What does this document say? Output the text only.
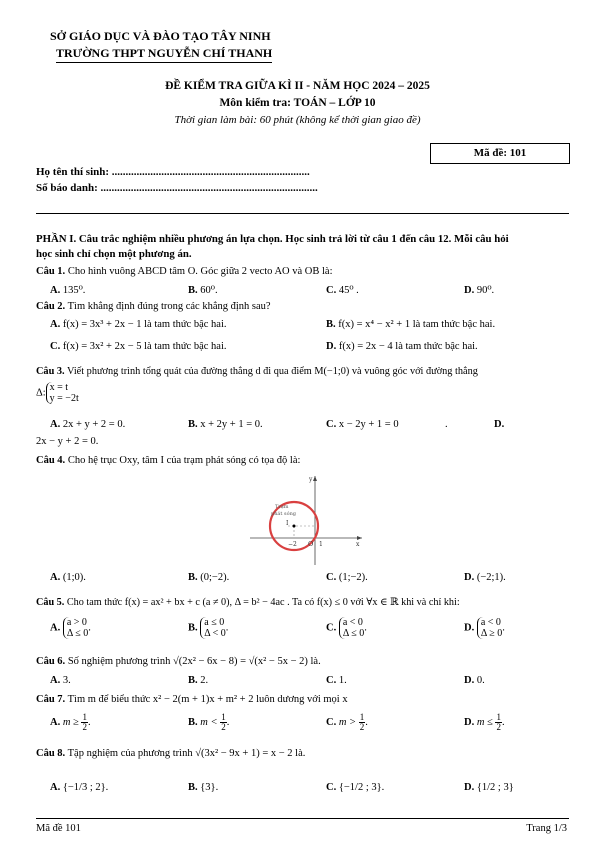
SỞ GIÁO DỤC VÀ ĐÀO TẠO TÂY NINH
TRƯỜNG THPT NGUYỄN CHÍ THANH
ĐỀ KIỂM TRA GIỮA KÌ II - NĂM HỌC 2024 – 2025
Môn kiểm tra: TOÁN – LỚP 10
Thời gian làm bài: 60 phút (không kể thời gian giao đề)
Mã đề: 101
Họ tên thí sinh: ........................................................................
Số báo danh: ...............................................................................
PHẦN I. Câu trắc nghiệm nhiều phương án lựa chọn. Học sinh trả lời từ câu 1 đến câu 12. Mỗi câu hỏi
học sinh chỉ chọn một phương án.
Câu 1. Cho hình vuông ABCD tâm O. Góc giữa 2 vecto AO và OB là:
A. 135⁰.	B. 60⁰.	C. 45⁰ .	D. 90⁰.
Câu 2. Tìm khẳng định đúng trong các khẳng định sau?
A. f(x) = 3x³ + 2x − 1 là tam thức bậc hai.	B. f(x) = x⁴ − x² + 1 là tam thức bậc hai.
C. f(x) = 3x² + 2x − 5 là tam thức bậc hai.	D. f(x) = 2x − 4 là tam thức bậc hai.
Câu 3. Viết phương trình tổng quát của đường thẳng d đi qua điểm M(−1;0) và vuông góc với đường thẳng
Δ: x = t
y = −2t
A. 2x + y + 2 = 0.	B. x + 2y + 1 = 0.	C. x − 2y + 1 = 0	.	D.
2x − y + 2 = 0.
Câu 4. Cho hệ trục Oxy, tâm I của trạm phát sóng có tọa độ là:
y
x
O
Trạm
phát sóng
I
−2	1
A. (1;0).	B. (0;−2).	C. (1;−2).	D. (−2;1).
Câu 5. Cho tam thức f(x) = ax² + bx + c (a ≠ 0), Δ = b² − 4ac . Ta có f(x) ≤ 0 với ∀x ∈ ℝ khi và chỉ khi:
A. a > 0
Δ ≤ 0
.	B. a ≤ 0
Δ < 0
.	C. a < 0
Δ ≤ 0
.	D. a < 0
Δ ≥ 0
.
Câu 6. Số nghiệm phương trình √(2x² − 6x − 8) = √(x² − 5x − 2) là.
A. 3.	B. 2.	C. 1.	D. 0.
Câu 7. Tìm m để biểu thức x² − 2(m + 1)x + m² + 2 luôn dương với mọi x
A. $m \ge \frac{1}{2}$ .	B. $m < \frac{1}{2}$ .	C. $m > \frac{1}{2}$ .	D. $m \le \frac{1}{2}$ .
Câu 8. Tập nghiệm của phương trình √(3x² − 9x + 1) = x − 2 là.
A. {−1/3 ; 2}.	B. {3}.	C. {−1/2 ; 3}.	D. {1/2 ; 3}
Mã đề 101	Trang 1/3
